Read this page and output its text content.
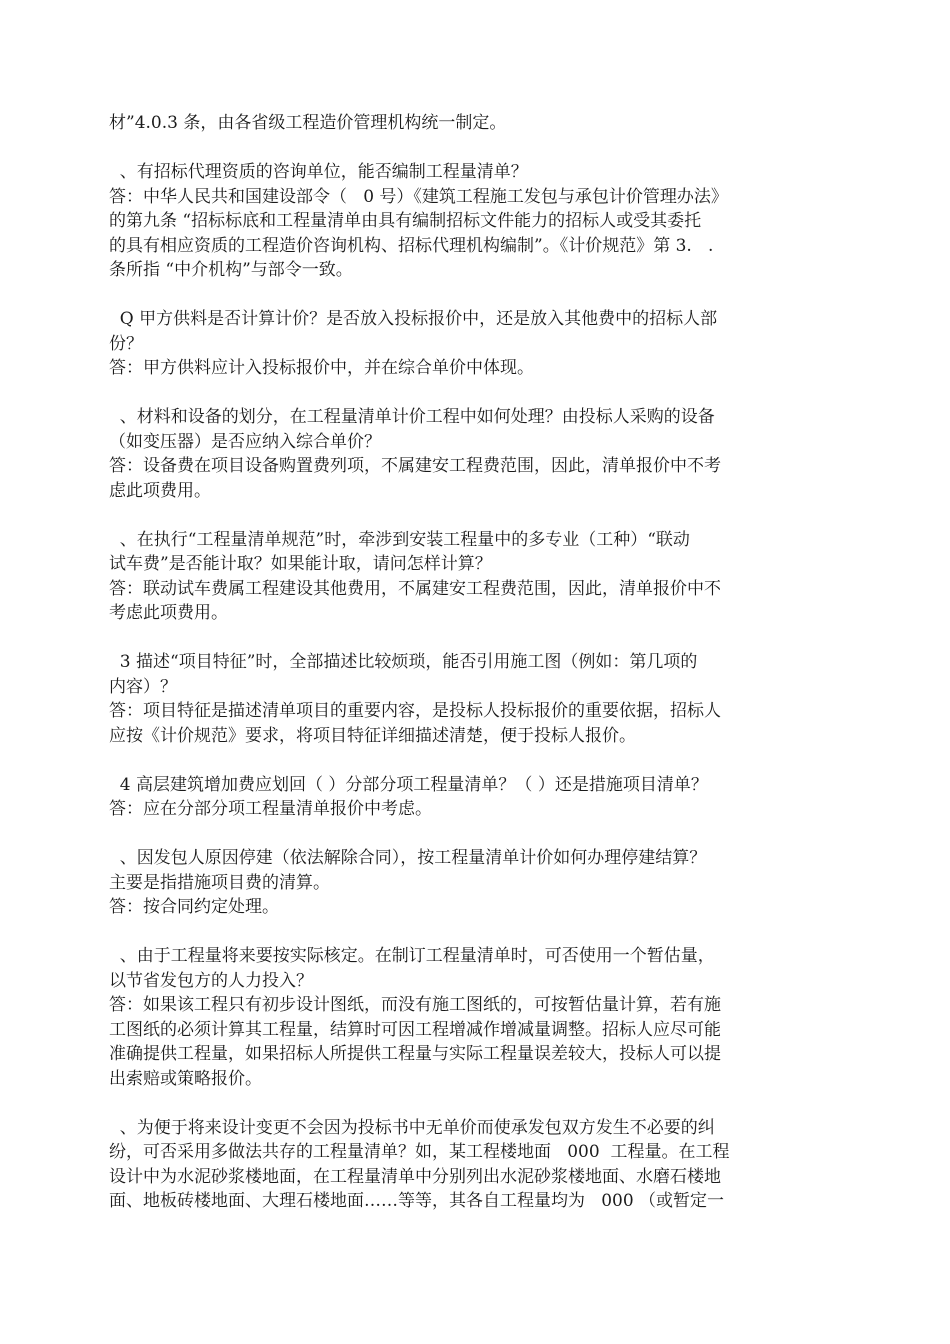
材”4.0.3 条，由各省级工程造价管理机构统一制定。
、有招标代理资质的咨询单位，能否编制工程量清单？
答：中华人民共和国建设部令（   0 号）《建筑工程施工发包与承包计价管理办法》
的第九条 “招标标底和工程量清单由具有编制招标文件能力的招标人或受其委托
的具有相应资质的工程造价咨询机构、招标代理机构编制”。《计价规范》第 3.   .
条所指 “中介机构”与部令一致。
Q 甲方供料是否计算计价？是否放入投标报价中，还是放入其他费中的招标人部
份？
答：甲方供料应计入投标报价中，并在综合单价中体现。
、材料和设备的划分，在工程量清单计价工程中如何处理？由投标人采购的设备
（如变压器）是否应纳入综合单价？
答：设备费在项目设备购置费列项，不属建安工程费范围，因此，清单报价中不考
虑此项费用。
、在执行“工程量清单规范”时，牵涉到安装工程量中的多专业（工种）“联动
试车费”是否能计取？如果能计取，请问怎样计算？
答：联动试车费属工程建设其他费用，不属建安工程费范围，因此，清单报价中不
考虑此项费用。
3 描述“项目特征”时，全部描述比较烦琐，能否引用施工图（例如：第几项的
内容）？
答：项目特征是描述清单项目的重要内容，是投标人投标报价的重要依据，招标人
应按《计价规范》要求，将项目特征详细描述清楚，便于投标人报价。
4 高层建筑增加费应划回（ ）分部分项工程量清单？（ ）还是措施项目清单？
答：应在分部分项工程量清单报价中考虑。
、因发包人原因停建（依法解除合同），按工程量清单计价如何办理停建结算？
主要是指措施项目费的清算。
答：按合同约定处理。
、由于工程量将来要按实际核定。在制订工程量清单时，可否使用一个暂估量，
以节省发包方的人力投入？
答：如果该工程只有初步设计图纸，而没有施工图纸的，可按暂估量计算，若有施
工图纸的必须计算其工程量，结算时可因工程增减作增减量调整。招标人应尽可能
准确提供工程量，如果招标人所提供工程量与实际工程量误差较大，投标人可以提
出索赔或策略报价。
、为便于将来设计变更不会因为投标书中无单价而使承发包双方发生不必要的纠
纷，可否采用多做法共存的工程量清单？如，某工程楼地面   000  工程量。在工程
设计中为水泥砂浆楼地面，在工程量清单中分别列出水泥砂浆楼地面、水磨石楼地
面、地板砖楼地面、大理石楼地面……等等，其各自工程量均为   000 （或暂定一
